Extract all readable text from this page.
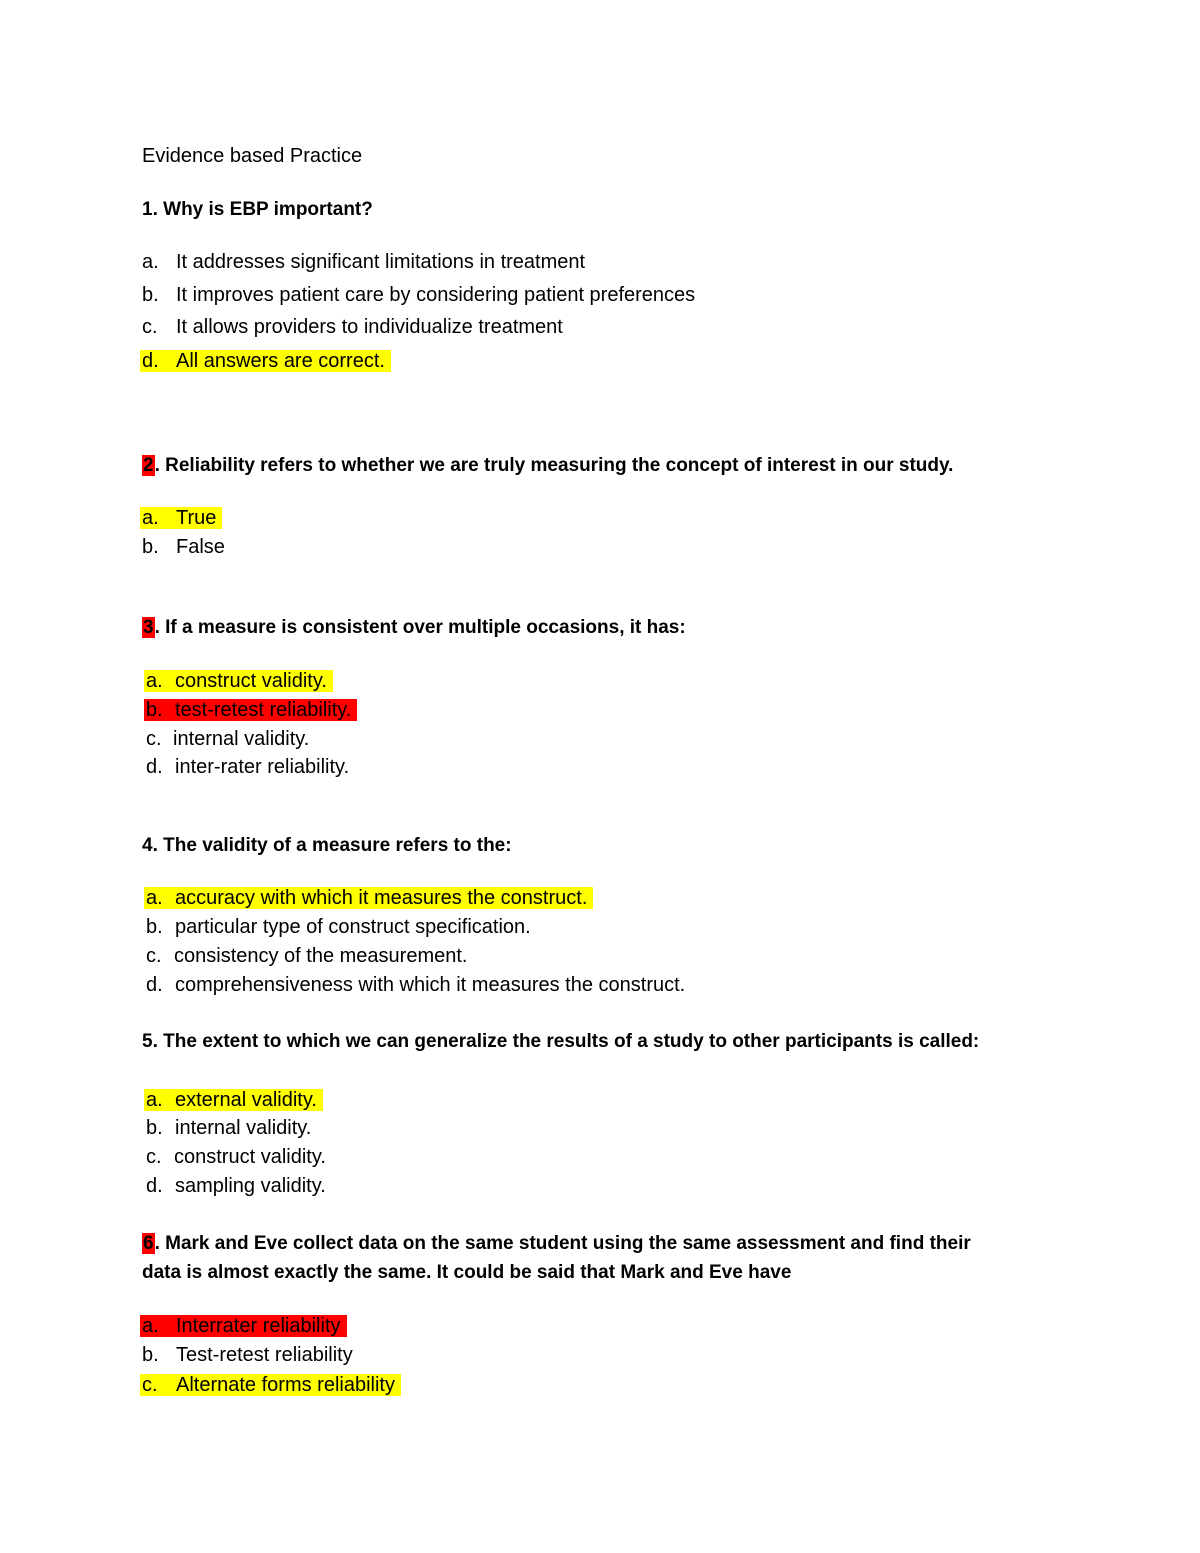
Evidence based Practice
1. Why is EBP important?
a. It addresses significant limitations in treatment
b. It improves patient care by considering patient preferences
c. It allows providers to individualize treatment
d. All answers are correct.
2. Reliability refers to whether we are truly measuring the concept of interest in our study.
a. True
b. False
3. If a measure is consistent over multiple occasions, it has:
a. construct validity.
b. test-retest reliability.
c. internal validity.
d. inter-rater reliability.
4. The validity of a measure refers to the:
a. accuracy with which it measures the construct.
b. particular type of construct specification.
c. consistency of the measurement.
d. comprehensiveness with which it measures the construct.
5. The extent to which we can generalize the results of a study to other participants is called:
a. external validity.
b. internal validity.
c. construct validity.
d. sampling validity.
6. Mark and Eve collect data on the same student using the same assessment and find their
data is almost exactly the same. It could be said that Mark and Eve have
a. Interrater reliability
b. Test-retest reliability
c. Alternate forms reliability
